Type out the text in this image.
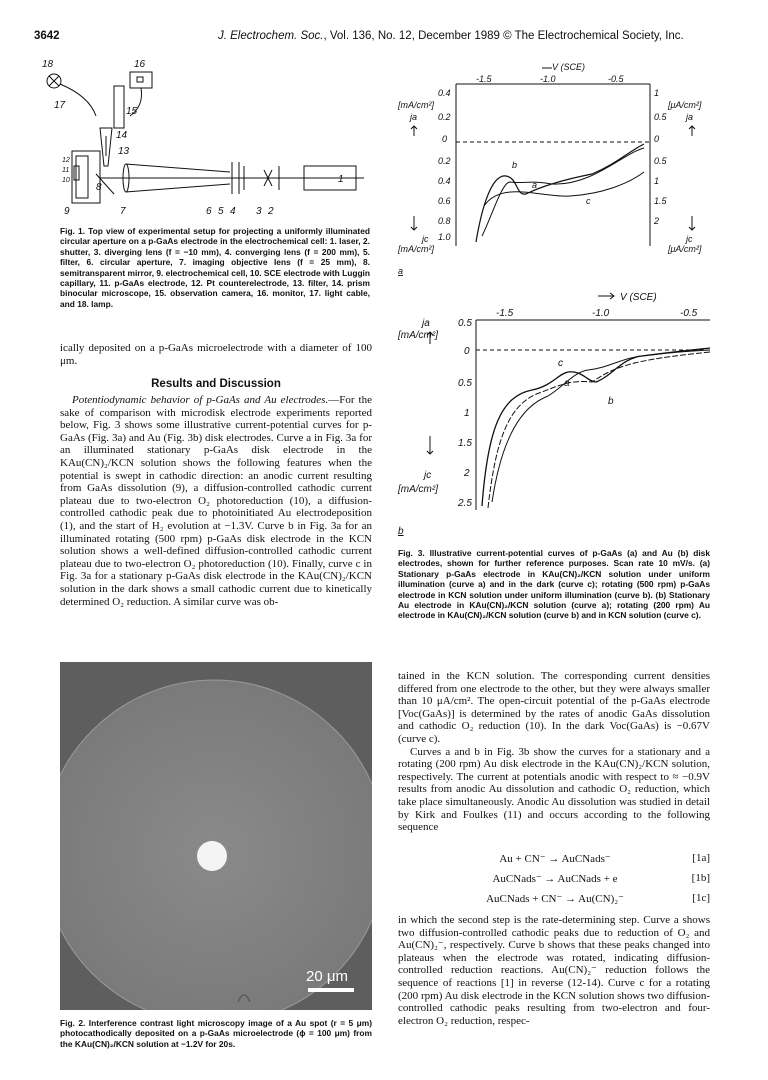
3642	J. Electrochem. Soc., Vol. 136, No. 12, December 1989 © The Electrochemical Society, Inc.
18	16
17
15
14
13
12
11
10
8
9	7	6 5 4 3 2
1
Fig. 1. Top view of experimental setup for projecting a uniformly illuminated circular aperture on a p-GaAs electrode in the electrochemical cell: 1. laser, 2. shutter, 3. diverging lens (f = −10 mm), 4. converging lens (f = 200 mm), 5. filter, 6. circular aperture, 7. imaging objective lens (f = 25 mm), 8. semitransparent mirror, 9. electrochemical cell, 10. SCE electrode with Luggin capillary, 11. p-GaAs electrode, 12. Pt counterelectrode, 13. filter, 14. prism binocular microscope, 15. observation camera, 16. monitor, 17. light cable, and 18. lamp.

ically deposited on a p-GaAs microelectrode with a diameter of 100 μm.

Results and Discussion

Potentiodynamic behavior of p-GaAs and Au electrodes.—For the sake of comparison with microdisk electrode experiments reported below, Fig. 3 shows some illustrative current-potential curves for p-GaAs (Fig. 3a) and Au (Fig. 3b) disk electrodes. Curve a in Fig. 3a for an illuminated stationary p-GaAs disk electrode in the KAu(CN)₂/KCN solution shows the following features when the potential is swept in cathodic direction: an anodic current resulting from GaAs dissolution (9), a diffusion-controlled cathodic current plateau due to two-electron O₂ photoreduction (10), a diffusion-controlled cathodic peak due to photoinitiated Au electrodeposition (1), and the start of H₂ evolution at −1.3V. Curve b in Fig. 3a for an illuminated rotating (500 rpm) p-GaAs disk electrode in the KCN solution shows a well-defined diffusion-controlled cathodic current plateau due to two-electron O₂ photoreduction (10). Finally, curve c in Fig. 3a for a stationary p-GaAs disk electrode in the KAu(CN)₂/KCN solution in the dark shows a small cathodic current due to kinetically determined O₂ reduction. A similar curve was ob-

V (SCE)
-1.5	-1.0	-0.5
[mA/cm²]
ja
jc
[mA/cm²]
0.4
0.2
0
0.2
0.4
0.6
0.8
1.0
1
0.5
0
0.5
1
1.5
2
[μA/cm²]
ja
jc
[μA/cm²]
a
b
c
a
V (SCE)
-1.5	-1.0	-0.5
ja
[mA/cm²]
jc
[mA/cm²]
0.5
0
0.5
1
1.5
2
2.5
a
b
c
b
Fig. 3. Illustrative current-potential curves of p-GaAs (a) and Au (b) disk electrodes, shown for further reference purposes. Scan rate 10 mV/s. (a) Stationary p-GaAs electrode in KAu(CN)₂/KCN solution under uniform illumination (curve a) and in the dark (curve c); rotating (500 rpm) p-GaAs electrode in KCN solution under uniform illumination (curve b). (b) Stationary Au electrode in KAu(CN)₂/KCN solution (curve a); rotating (200 rpm) Au electrode in KAu(CN)₂/KCN solution (curve b) and in KCN solution (curve c).
20 μm
Fig. 2. Interference contrast light microscopy image of a Au spot (r = 5 μm) photocathodically deposited on a p-GaAs microelectrode (ϕ = 100 μm) from the KAu(CN)₂/KCN solution at −1.2V for 20s.

tained in the KCN solution. The corresponding current densities differed from one electrode to the other, but they were always smaller than 10 μA/cm². The open-circuit potential of the p-GaAs electrode [Voc(GaAs)] is determined by the rates of anodic GaAs dissolution and cathodic O₂ reduction (10). In the dark Voc(GaAs) is −0.67V (curve c).

Curves a and b in Fig. 3b show the curves for a stationary and a rotating (200 rpm) Au disk electrode in the KAu(CN)₂/KCN solution, respectively. The current at potentials anodic with respect to ≈ −0.9V results from anodic Au dissolution and cathodic O₂ reduction, which take place simultaneously. Anodic Au dissolution was studied in detail by Kirk and Foulkes (11) and occurs according to the following sequence

Au + CN⁻ → AuCNads⁻	[1a]
AuCNads⁻ → AuCNads + e	[1b]
AuCNads + CN⁻ → Au(CN)₂⁻	[1c]

in which the second step is the rate-determining step. Curve a shows two diffusion-controlled cathodic peaks due to reduction of O₂ and Au(CN)₂⁻, respectively. Curve b shows that these peaks changed into plateaus when the electrode was rotated, indicating diffusion-controlled reduction reactions. Au(CN)₂⁻ reduction follows the sequence of reactions [1] in reverse (12-14). Curve c for a rotating (200 rpm) Au disk electrode in the KCN solution shows two diffusion-controlled cathodic peaks resulting from two-electron and four-electron O₂ reduction, respec-
